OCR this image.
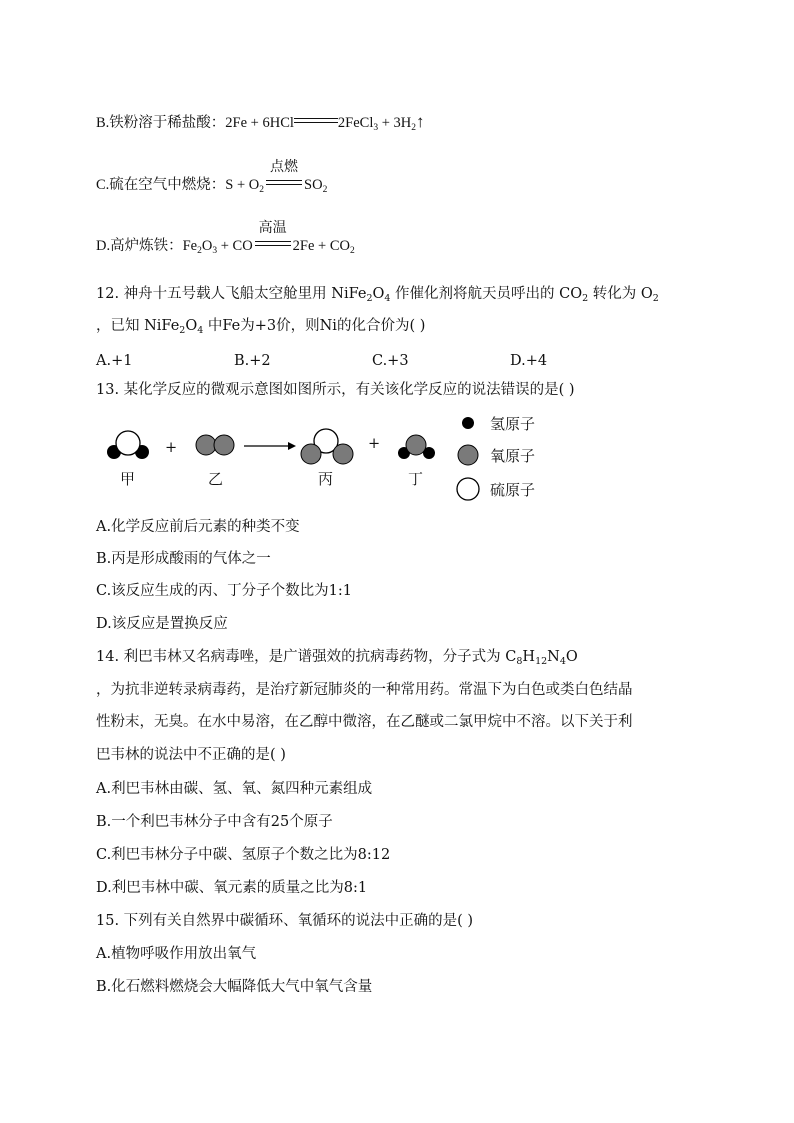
B.铁粉溶于稀盐酸：2Fe + 6HCl	2FeCl$_3$ + $3H_2↑$
C.硫在空气中燃烧：$S + O_2$
点燃
$SO_2$
D.高炉炼铁：$Fe_2O_3$ + CO
高温
$2Fe + CO_2$
12. 神舟十五号载人飞船太空舱里用 $NiFe_2O_4$ 作催化剂将航天员呼出的 $CO_2$ 转化为 $O_2$
，已知 $NiFe_2O_4$ 中Fe为+3价，则Ni的化合价为( )
A.+1	B.+2	C.+3	D.+4
13. 某化学反应的微观示意图如图所示，有关该化学反应的说法错误的是( )
+	+
甲	乙	丙	丁
氢原子
氧原子
硫原子
A.化学反应前后元素的种类不变
B.丙是形成酸雨的气体之一
C.该反应生成的丙、丁分子个数比为1:1
D.该反应是置换反应
14. 利巴韦林又名病毒唑，是广谱强效的抗病毒药物，分子式为 $C_8H_{12}N_4O$
，为抗非逆转录病毒药，是治疗新冠肺炎的一种常用药。常温下为白色或类白色结晶
性粉末，无臭。在水中易溶，在乙醇中微溶，在乙醚或二氯甲烷中不溶。以下关于利
巴韦林的说法中不正确的是( )
A.利巴韦林由碳、氢、氧、氮四种元素组成
B.一个利巴韦林分子中含有25个原子
C.利巴韦林分子中碳、氢原子个数之比为8:12
D.利巴韦林中碳、氧元素的质量之比为8:1
15. 下列有关自然界中碳循环、氧循环的说法中正确的是( )
A.植物呼吸作用放出氧气
B.化石燃料燃烧会大幅降低大气中氧气含量
